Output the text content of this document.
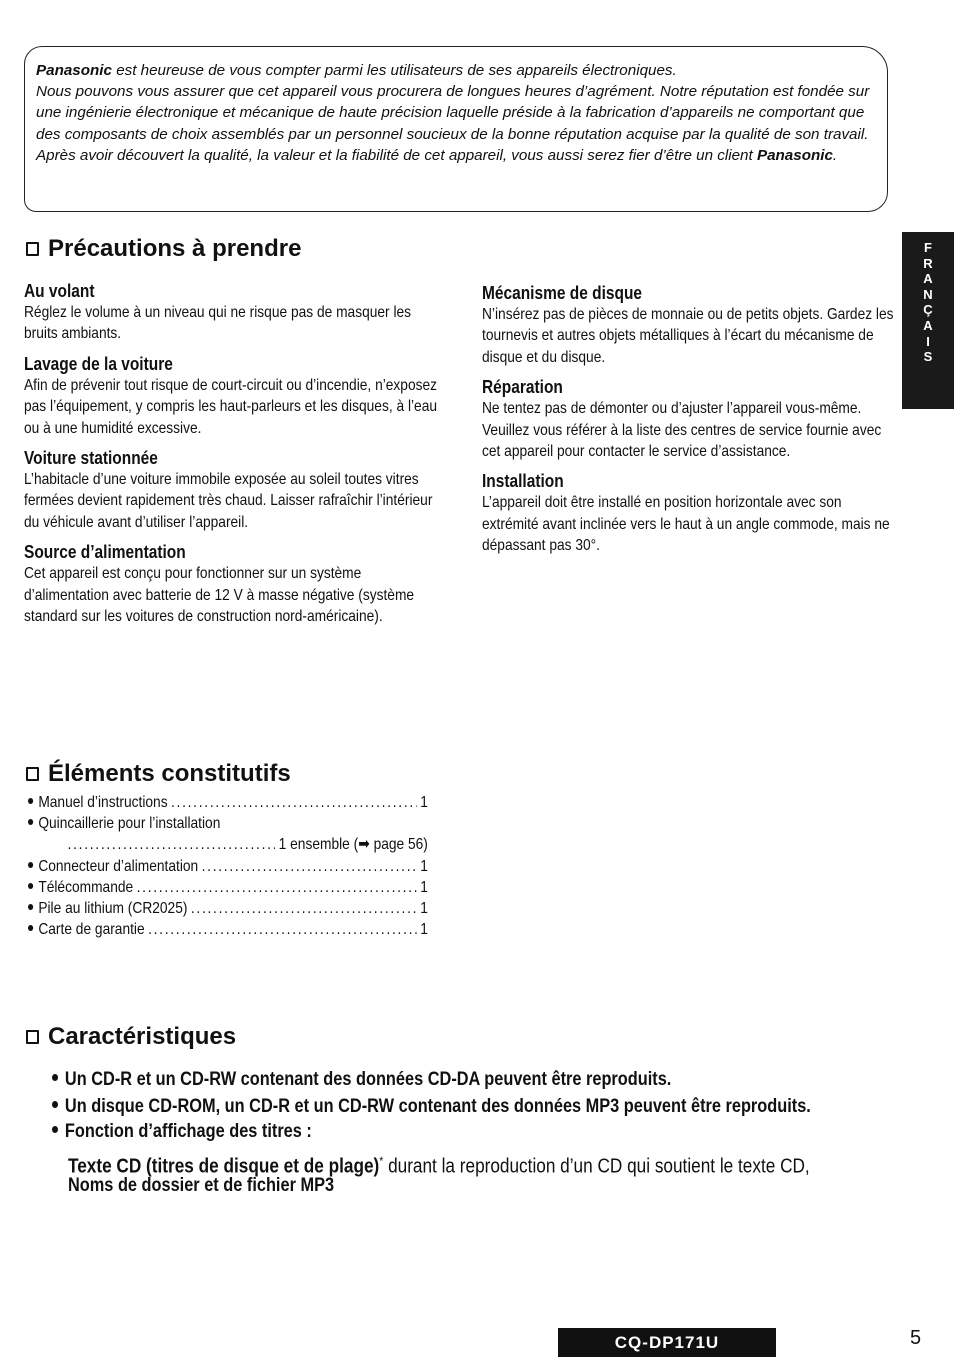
Panasonic est heureuse de vous compter parmi les utilisateurs de ses appareils électroniques.

Nous pouvons vous assurer que cet appareil vous procurera de longues heures d’agrément. Notre réputation est fondée sur une ingénierie électronique et mécanique de haute précision laquelle préside à la fabrication d’appareils ne comportant que des composants de choix assemblés par un personnel soucieux de la bonne réputation acquise par la qualité de son travail. Après avoir découvert la qualité, la valeur et la fiabilité de cet appareil, vous aussi serez fier d’être un client Panasonic.

F
R
A
N
Ç
A
I
S
Précautions à prendre

Au volant

Réglez le volume à un niveau qui ne risque pas de masquer les bruits ambiants.

Lavage de la voiture

Afin de prévenir tout risque de court-circuit ou d’incendie, n’exposez pas l’équipement, y compris les haut-parleurs et les disques, à l’eau ou à une humidité excessive.

Voiture stationnée

L’habitacle d’une voiture immobile exposée au soleil toutes vitres fermées devient rapidement très chaud. Laisser rafraîchir l’intérieur du véhicule avant d’utiliser l’appareil.

Source d’alimentation

Cet appareil est conçu pour fonctionner sur un système d’alimentation avec batterie de 12 V à masse négative (système standard sur les voitures de construction nord-américaine).

Mécanisme de disque

N’insérez pas de pièces de monnaie ou de petits objets. Gardez les tournevis et autres objets métalliques à l’écart du mécanisme de disque et du disque.

Réparation

Ne tentez pas de démonter ou d’ajuster l’appareil vous-même. Veuillez vous référer à la liste des centres de service fournie avec cet appareil pour contacter le service d’assistance.

Installation

L’appareil doit être installé en position horizontale avec son extrémité avant inclinée vers le haut à un angle commode, mais ne dépassant pas 30°.

Éléments constitutifs
Manuel d’instructions .....	1
Quincaillerie pour l’installation
.....
1 ensemble (➡ page 56)
Connecteur d’alimentation .....	1
Télécommande .....	1
Pile au lithium (CR2025) .....	1
Carte de garantie .....	1
Caractéristiques
Un CD-R et un CD-RW contenant des données CD-DA peuvent être reproduits.
Un disque CD-ROM, un CD-R et un CD-RW contenant des données MP3 peuvent être reproduits.
Fonction d’affichage des titres :
Texte CD (titres de disque et de plage)* durant la reproduction d’un CD qui soutient le texte CD,
Noms de dossier et de fichier MP3
CQ-DP171U	5
